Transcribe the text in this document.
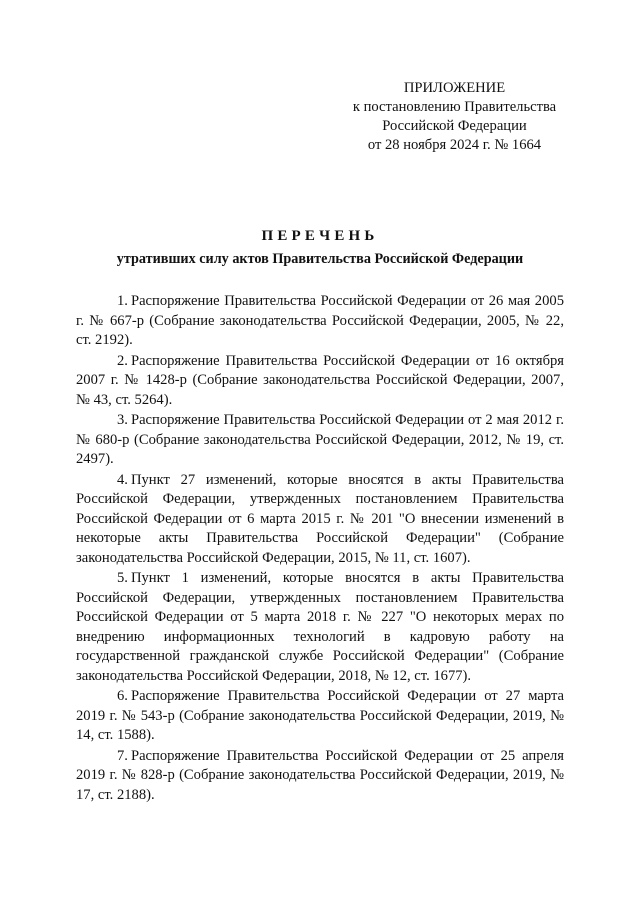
ПРИЛОЖЕНИЕ
к постановлению Правительства
Российской Федерации
от 28 ноября 2024 г. № 1664
ПЕРЕЧЕНЬ
утративших силу актов Правительства Российской Федерации

1. Распоряжение Правительства Российской Федерации от 26 мая 2005 г. № 667-р (Собрание законодательства Российской Федерации, 2005, № 22, ст. 2192).

2. Распоряжение Правительства Российской Федерации от 16 октября 2007 г. № 1428-р (Собрание законодательства Российской Федерации, 2007, № 43, ст. 5264).

3. Распоряжение Правительства Российской Федерации от 2 мая 2012 г. № 680-р (Собрание законодательства Российской Федерации, 2012, № 19, ст. 2497).

4. Пункт 27 изменений, которые вносятся в акты Правительства Российской Федерации, утвержденных постановлением Правительства Российской Федерации от 6 марта 2015 г. № 201 "О внесении изменений в некоторые акты Правительства Российской Федерации" (Собрание законодательства Российской Федерации, 2015, № 11, ст. 1607).

5. Пункт 1 изменений, которые вносятся в акты Правительства Российской Федерации, утвержденных постановлением Правительства Российской Федерации от 5 марта 2018 г. № 227 "О некоторых мерах по внедрению информационных технологий в кадровую работу на государственной гражданской службе Российской Федерации" (Собрание законодательства Российской Федерации, 2018, № 12, ст. 1677).

6. Распоряжение Правительства Российской Федерации от 27 марта 2019 г. № 543-р (Собрание законодательства Российской Федерации, 2019, № 14, ст. 1588).

7. Распоряжение Правительства Российской Федерации от 25 апреля 2019 г. № 828-р (Собрание законодательства Российской Федерации, 2019, № 17, ст. 2188).
